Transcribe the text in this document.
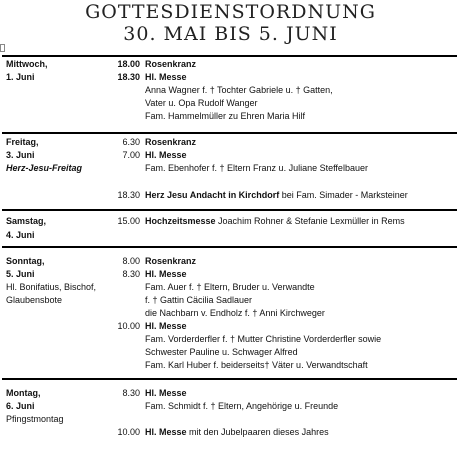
GOTTESDIENSTORDNUNG
30. MAI BIS 5. JUNI
Mittwoch,
1. Juni
18.00 Rosenkranz
18.30 Hl. Messe
Anna Wagner f. † Tochter Gabriele u. † Gatten,
Vater u. Opa Rudolf Wanger
Fam. Hammelmüller zu Ehren Maria Hilf
Freitag,
3. Juni
Herz-Jesu-Freitag
6.30 Rosenkranz
7.00 Hl. Messe
Fam. Ebenhofer f. † Eltern Franz u. Juliane Steffelbauer
18.30 Herz Jesu Andacht in Kirchdorf bei Fam. Simader - Marksteiner
Samstag,
4. Juni
15.00 Hochzeitsmesse Joachim Rohner & Stefanie Lexmüller in Rems
Sonntag,
5. Juni
Hl. Bonifatius, Bischof,
Glaubensbote
8.00 Rosenkranz
8.30 Hl. Messe
Fam. Auer f. † Eltern, Bruder u. Verwandte
f. † Gattin Cäcilia Sadlauer
die Nachbarn v. Endholz f. † Anni Kirchweger
10.00 Hl. Messe
Fam. Vorderderfler f. † Mutter Christine Vorderderfler sowie
Schwester Pauline u. Schwager Alfred
Fam. Karl Huber f. beiderseits† Väter u. Verwandtschaft
Montag,
6. Juni
Pfingstmontag
8.30 Hl. Messe
Fam. Schmidt f. † Eltern, Angehörige u. Freunde
10.00 Hl. Messe mit den Jubelpaaren dieses Jahres
